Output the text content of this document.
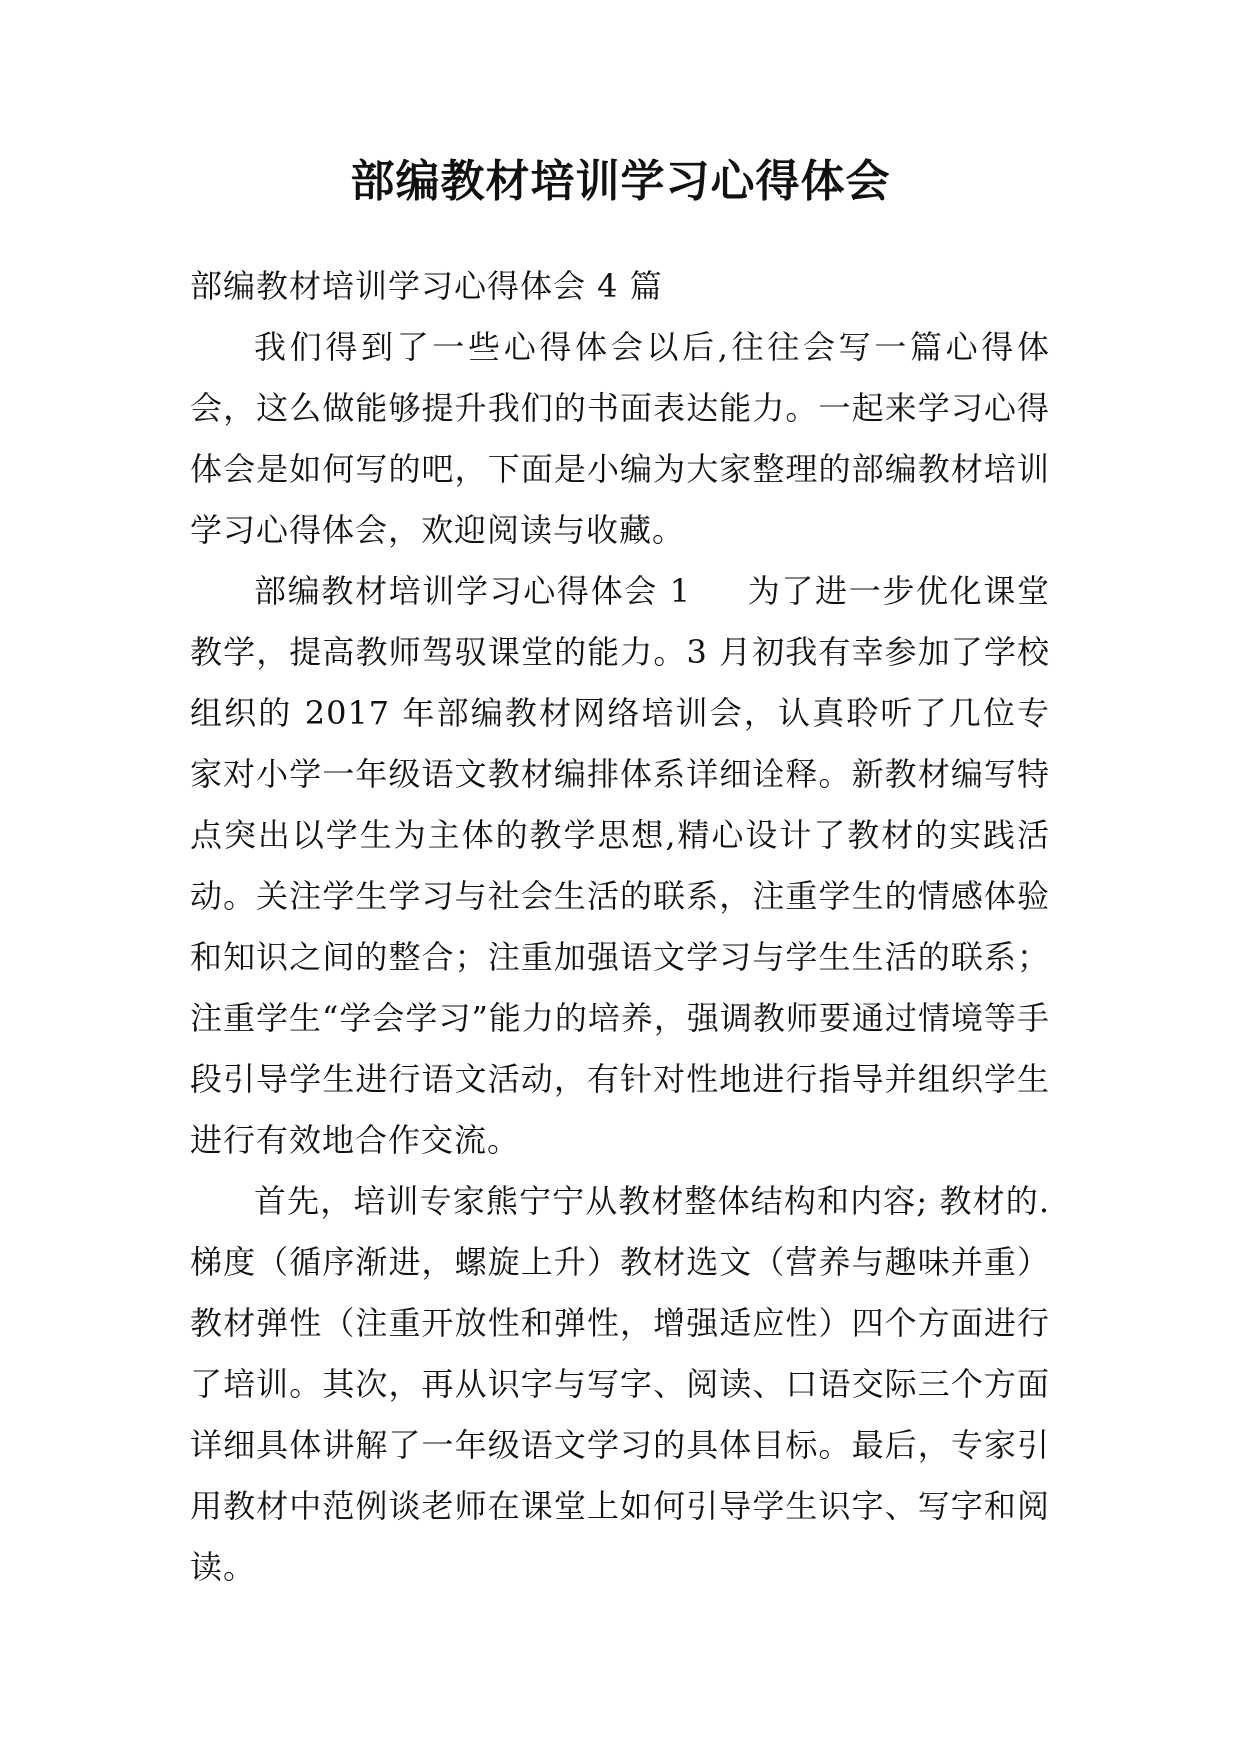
部编教材培训学习心得体会

部编教材培训学习心得体会 4 篇

我们得到了一些心得体会以后,往往会写一篇心得体会，这么做能够提升我们的书面表达能力。一起来学习心得体会是如何写的吧，下面是小编为大家整理的部编教材培训学习心得体会，欢迎阅读与收藏。

部编教材培训学习心得体会 1 为了进一步优化课堂教学，提高教师驾驭课堂的能力。3 月初我有幸参加了学校组织的 2017 年部编教材网络培训会，认真聆听了几位专家对小学一年级语文教材编排体系详细诠释。新教材编写特点突出以学生为主体的教学思想,精心设计了教材的实践活动。关注学生学习与社会生活的联系，注重学生的情感体验和知识之间的整合；注重加强语文学习与学生生活的联系；注重学生“学会学习”能力的培养，强调教师要通过情境等手段引导学生进行语文活动，有针对性地进行指导并组织学生进行有效地合作交流。

首先，培训专家熊宁宁从教材整体结构和内容; 教材的.梯度（循序渐进，螺旋上升）教材选文（营养与趣味并重）教材弹性（注重开放性和弹性，增强适应性）四个方面进行了培训。其次，再从识字与写字、阅读、口语交际三个方面详细具体讲解了一年级语文学习的具体目标。最后，专家引用教材中范例谈老师在课堂上如何引导学生识字、写字和阅读。
